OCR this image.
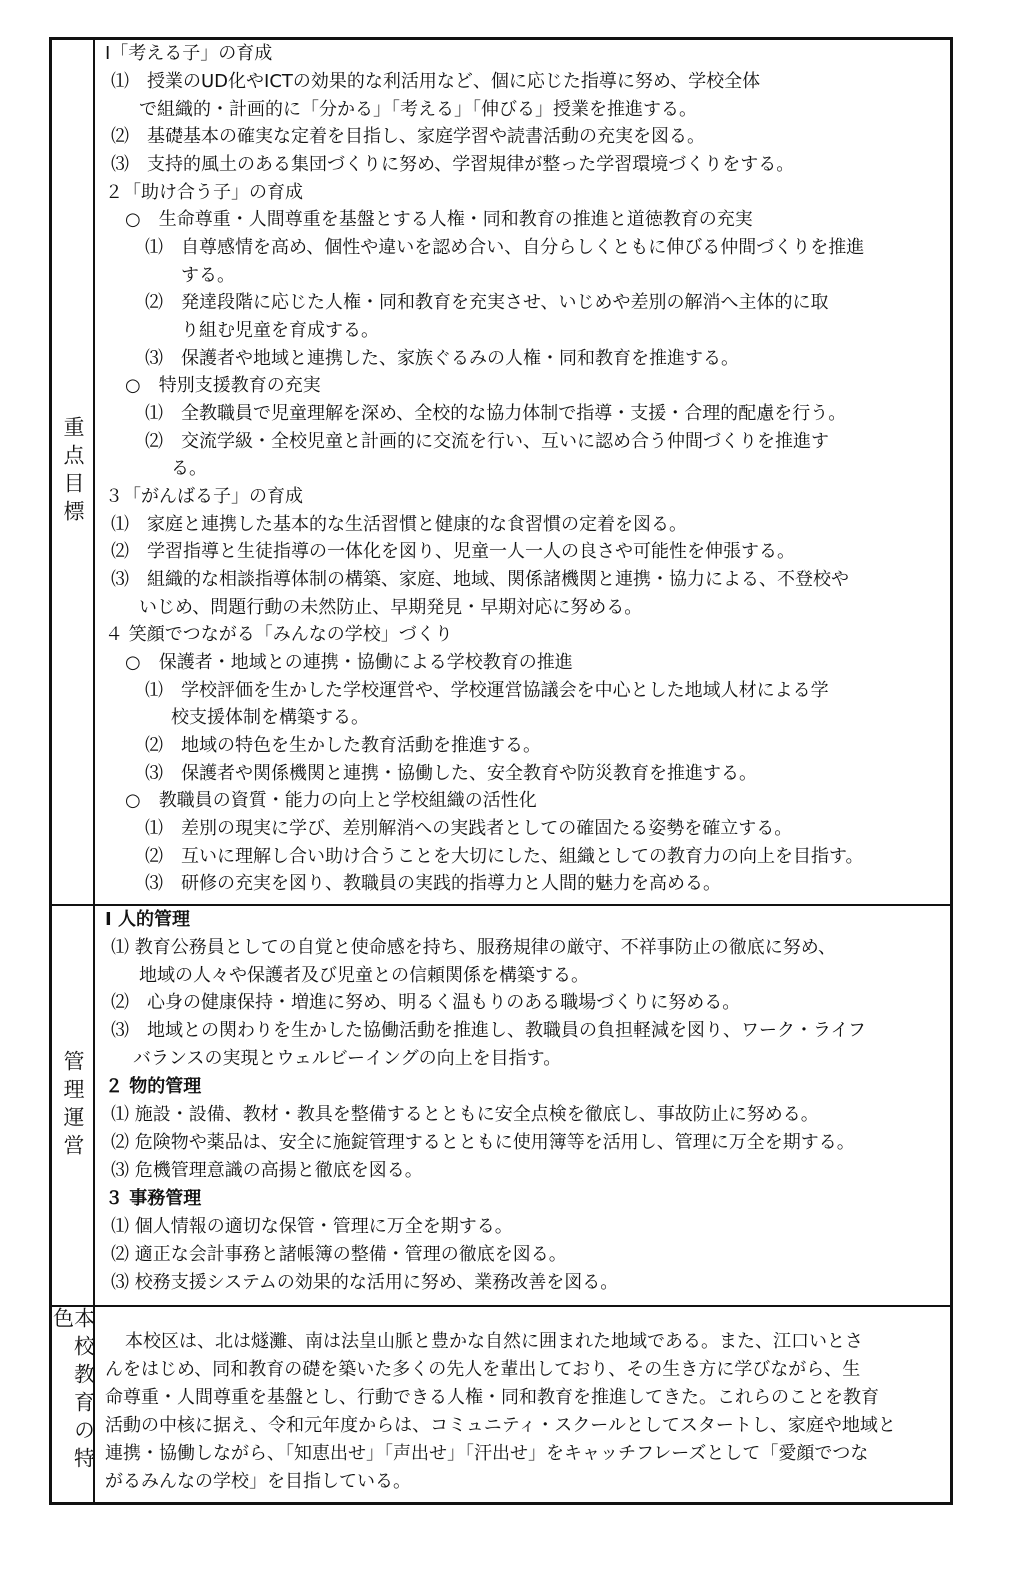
重点目標
Ⅰ「考える子」の育成
⑴　授業のUD化やICTの効果的な利活用など、個に応じた指導に努め、学校全体
で組織的・計画的に「分かる」「考える」「伸びる」授業を推進する。
⑵　基礎基本の確実な定着を目指し、家庭学習や読書活動の充実を図る。
⑶　支持的風土のある集団づくりに努め、学習規律が整った学習環境づくりをする。
２「助け合う子」の育成
○　生命尊重・人間尊重を基盤とする人権・同和教育の推進と道徳教育の充実
⑴　自尊感情を高め、個性や違いを認め合い、自分らしくともに伸びる仲間づくりを推進
する。
⑵　発達段階に応じた人権・同和教育を充実させ、いじめや差別の解消へ主体的に取
り組む児童を育成する。
⑶　保護者や地域と連携した、家族ぐるみの人権・同和教育を推進する。
○　特別支援教育の充実
⑴　全教職員で児童理解を深め、全校的な協力体制で指導・支援・合理的配慮を行う。
⑵　交流学級・全校児童と計画的に交流を行い、互いに認め合う仲間づくりを推進す
る。
３「がんばる子」の育成
⑴　家庭と連携した基本的な生活習慣と健康的な食習慣の定着を図る。
⑵　学習指導と生徒指導の一体化を図り、児童一人一人の良さや可能性を伸張する。
⑶　組織的な相談指導体制の構築、家庭、地域、関係諸機関と連携・協力による、不登校や
いじめ、問題行動の未然防止、早期発見・早期対応に努める。
４ 笑顔でつながる「みんなの学校」づくり
○　保護者・地域との連携・協働による学校教育の推進
⑴　学校評価を生かした学校運営や、学校運営協議会を中心とした地域人材による学
校支援体制を構築する。
⑵　地域の特色を生かした教育活動を推進する。
⑶　保護者や関係機関と連携・協働した、安全教育や防災教育を推進する。
○　教職員の資質・能力の向上と学校組織の活性化
⑴　差別の現実に学び、差別解消への実践者としての確固たる姿勢を確立する。
⑵　互いに理解し合い助け合うことを大切にした、組織としての教育力の向上を目指す。
⑶　研修の充実を図り、教職員の実践的指導力と人間的魅力を高める。
管理運営
Ⅰ 人的管理
⑴ 教育公務員としての自覚と使命感を持ち、服務規律の厳守、不祥事防止の徹底に努め、
地域の人々や保護者及び児童との信頼関係を構築する。
⑵　心身の健康保持・増進に努め、明るく温もりのある職場づくりに努める。
⑶　地域との関わりを生かした協働活動を推進し、教職員の負担軽減を図り、ワーク・ライフ
バランスの実現とウェルビーイングの向上を目指す。
２ 物的管理
⑴ 施設・設備、教材・教具を整備するとともに安全点検を徹底し、事故防止に努める。
⑵ 危険物や薬品は、安全に施錠管理するとともに使用簿等を活用し、管理に万全を期する。
⑶ 危機管理意識の高揚と徹底を図る。
３ 事務管理
⑴ 個人情報の適切な保管・管理に万全を期する。
⑵ 適正な会計事務と諸帳簿の整備・管理の徹底を図る。
⑶ 校務支援システムの効果的な活用に努め、業務改善を図る。
本校教育の特色
本校区は、北は燧灘、南は法皇山脈と豊かな自然に囲まれた地域である。また、江口いとさ
んをはじめ、同和教育の礎を築いた多くの先人を輩出しており、その生き方に学びながら、生
命尊重・人間尊重を基盤とし、行動できる人権・同和教育を推進してきた。これらのことを教育
活動の中核に据え、令和元年度からは、コミュニティ・スクールとしてスタートし、家庭や地域と
連携・協働しながら、「知恵出せ」「声出せ」「汗出せ」をキャッチフレーズとして「愛顔でつな
がるみんなの学校」を目指している。
